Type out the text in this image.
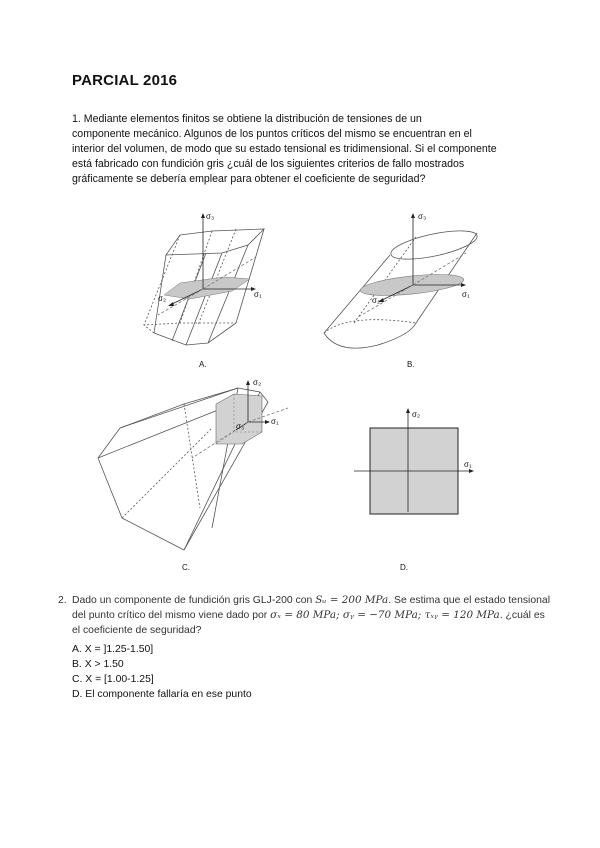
PARCIAL 2016
1. Mediante elementos finitos se obtiene la distribución de tensiones de un
componente mecánico. Algunos de los puntos críticos del mismo se encuentran en el
interior del volumen, de modo que su estado tensional es tridimensional. Si el componente
está fabricado con fundición gris ¿cuál de los siguientes criterios de fallo mostrados
gráficamente se debería emplear para obtener el coeficiente de seguridad?
σ₃
σ₁
σ₂
A.
σ₃
σ₁
σ₂
B.
σ₂
σ₁
σ₃
C.
σ₂
σ₁
D.
2. Dado un componente de fundición gris GLJ-200 con Sᵤ = 200 MPa. Se estima que el estado tensional
del punto crítico del mismo viene dado por σₓ = 80 MPa; σᵧ = −70 MPa; τₓᵧ = 120 MPa. ¿cuál es
el coeficiente de seguridad?
A. X = ]1.25-1.50]
B. X > 1.50
C. X = [1.00-1.25]
D. El componente fallaría en ese punto
